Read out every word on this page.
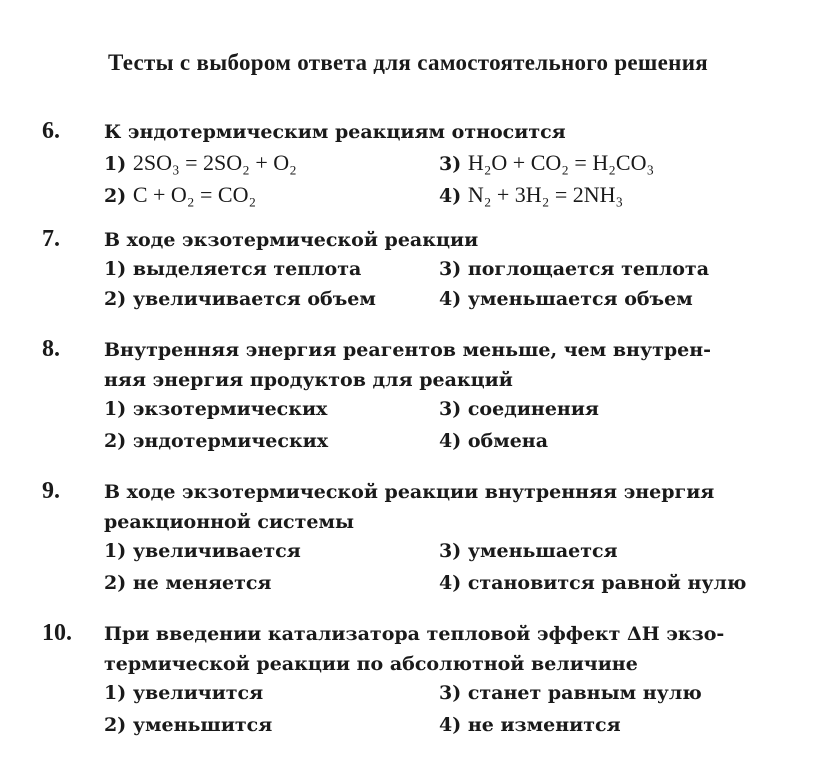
Тесты с выбором ответа для самостоятельного решения
6. К эндотермическим реакциям относится

1) 2SO₃ = 2SO₂ + O₂	3) H₂O + CO₂ = H₂CO₃
2) C + O₂ = CO₂	4) N₂ + 3H₂ = 2NH₃
7. В ходе экзотермической реакции

1) выделяется теплота	3) поглощается теплота
2) увеличивается объем	4) уменьшается объем
8. Внутренняя энергия реагентов меньше, чем внутрен-

няя энергия продуктов для реакций

1) экзотермических	3) соединения
2) эндотермических	4) обмена
9. В ходе экзотермической реакции внутренняя энергия

реакционной системы

1) увеличивается	3) уменьшается
2) не меняется	4) становится равной нулю
10. При введении катализатора тепловой эффект ΔH экзо-

термической реакции по абсолютной величине

1) увеличится	3) станет равным нулю
2) уменьшится	4) не изменится
